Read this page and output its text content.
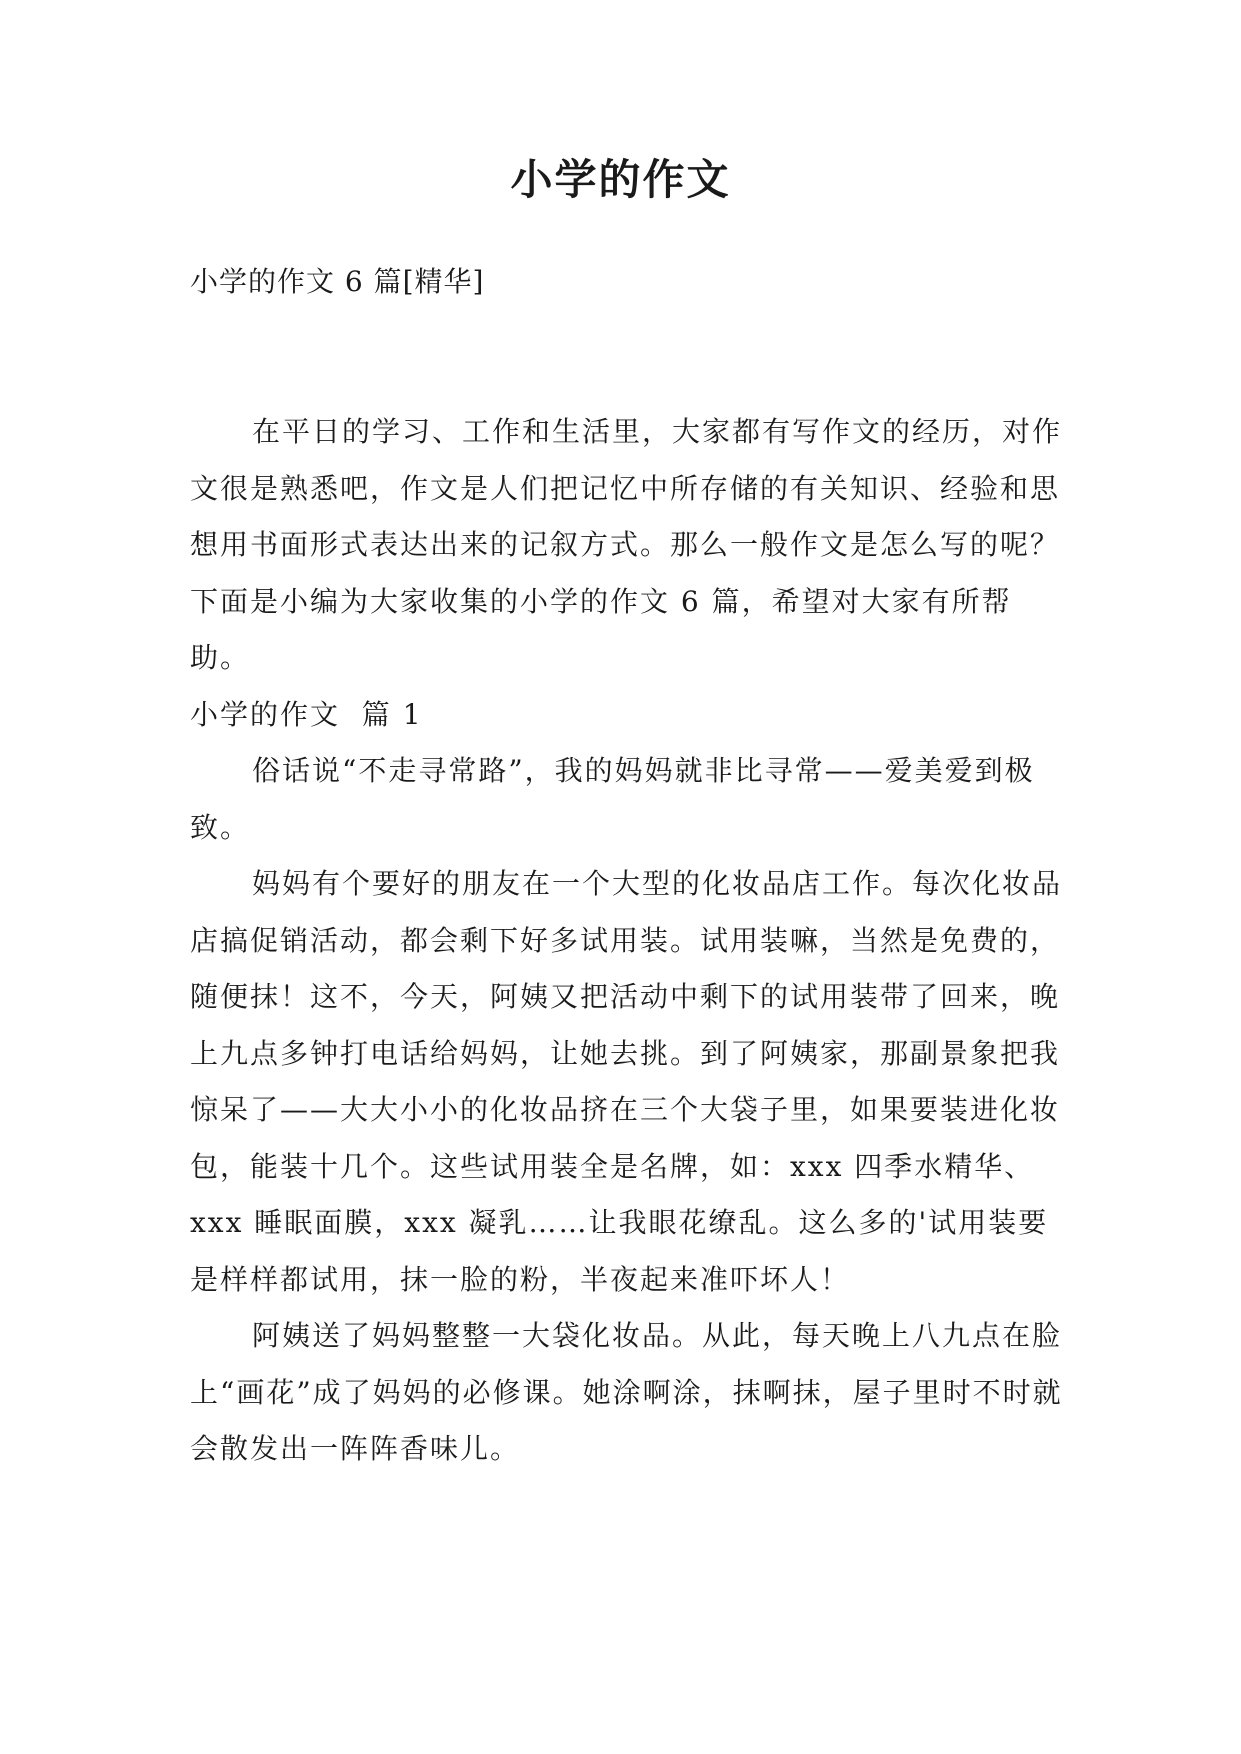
小学的作文
小学的作文 6 篇[精华]

在平日的学习、工作和生活里，大家都有写作文的经历，对作文很是熟悉吧，作文是人们把记忆中所存储的有关知识、经验和思想用书面形式表达出来的记叙方式。那么一般作文是怎么写的呢？下面是小编为大家收集的小学的作文 6 篇，希望对大家有所帮助。

小学的作文  篇 1

俗话说“不走寻常路”，我的妈妈就非比寻常——爱美爱到极致。

妈妈有个要好的朋友在一个大型的化妆品店工作。每次化妆品店搞促销活动，都会剩下好多试用装。试用装嘛，当然是免费的，随便抹！这不，今天，阿姨又把活动中剩下的试用装带了回来，晚上九点多钟打电话给妈妈，让她去挑。到了阿姨家，那副景象把我惊呆了——大大小小的化妆品挤在三个大袋子里，如果要装进化妆包，能装十几个。这些试用装全是名牌，如：xxx 四季水精华、xxx 睡眠面膜，xxx 凝乳……让我眼花缭乱。这么多的'试用装要是样样都试用，抹一脸的粉，半夜起来准吓坏人！

阿姨送了妈妈整整一大袋化妆品。从此，每天晚上八九点在脸上“画花”成了妈妈的必修课。她涂啊涂，抹啊抹，屋子里时不时就会散发出一阵阵香味儿。
